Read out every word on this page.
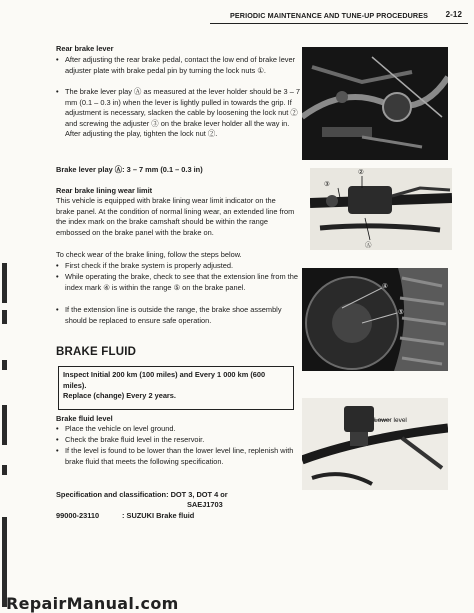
PERIODIC MAINTENANCE AND TUNE-UP PROCEDURES 2-12
Rear brake lever
• After adjusting the rear brake pedal, contact the low end of brake lever adjuster plate with brake pedal pin by turning the lock nuts ①.
• The brake lever play Ⓐ as measured at the lever holder should be 3 – 7 mm (0.1 – 0.3 in) when the lever is lightly pulled in towards the grip. If adjustment is necessary, slacken the cable by loosening the lock nut ② and screwing the adjuster ③ on the brake lever holder all the way in. After adjusting the play, tighten the lock nut ②.
Brake lever play Ⓐ: 3 – 7 mm (0.1 – 0.3 in)
Rear brake lining wear limit
This vehicle is equipped with brake lining wear limit indicator on the brake panel. At the condition of normal lining wear, an extended line from the index mark on the brake camshaft should be within the range embossed on the brake panel with the brake on.
To check wear of the brake lining, follow the steps below.
• First check if the brake system is properly adjusted.
• While operating the brake, check to see that the extension line from the index mark ④ is within the range ⑤ on the brake panel.
• If the extension line is outside the range, the brake shoe assembly should be replaced to ensure safe operation.
BRAKE FLUID
Inspect Initial 200 km (100 miles) and Every 1 000 km (600 miles).
Replace (change) Every 2 years.
Brake fluid level
• Place the vehicle on level ground.
• Check the brake fluid level in the reservoir.
• If the level is found to be lower than the lower level line, replenish with brake fluid that meets the following specification.
Specification and classification: DOT 3, DOT 4 or
SAEJ1703
99000-23110	: SUZUKI Brake fluid
②
③
Ⓐ
④
⑤
Lower level
RepairManual.com
